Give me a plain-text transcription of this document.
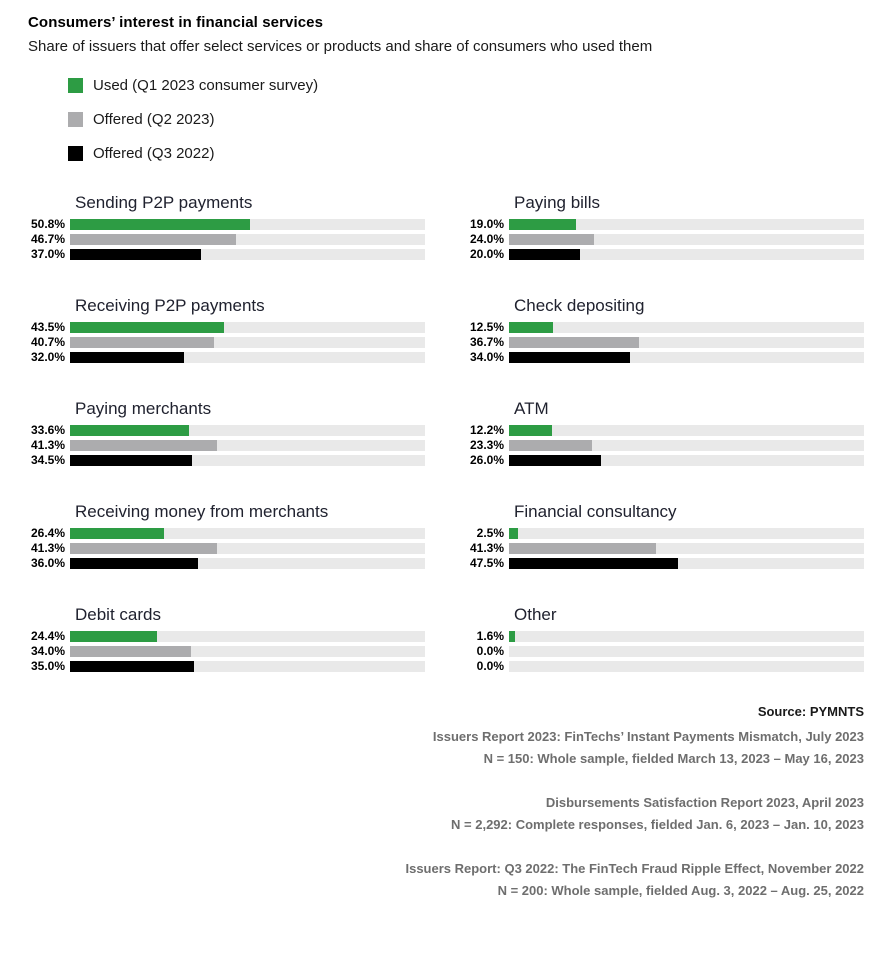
Consumers’ interest in financial services
Share of issuers that offer select services or products and share of consumers who used them
Used (Q1 2023 consumer survey)
Offered (Q2 2023)
Offered (Q3 2022)
Sending P2P payments
50.8%
46.7%
37.0%
Paying bills
19.0%
24.0%
20.0%
Receiving P2P payments
43.5%
40.7%
32.0%
Check depositing
12.5%
36.7%
34.0%
Paying merchants
33.6%
41.3%
34.5%
ATM
12.2%
23.3%
26.0%
Receiving money from merchants
26.4%
41.3%
36.0%
Financial consultancy
2.5%
41.3%
47.5%
Debit cards
24.4%
34.0%
35.0%
Other
1.6%
0.0%
0.0%
Source: PYMNTS
Issuers Report 2023: FinTechs’ Instant Payments Mismatch, July 2023
N = 150: Whole sample, fielded March 13, 2023 – May 16, 2023
Disbursements Satisfaction Report 2023, April 2023
N = 2,292: Complete responses, fielded Jan. 6, 2023 – Jan. 10, 2023
Issuers Report: Q3 2022: The FinTech Fraud Ripple Effect, November 2022
N = 200: Whole sample, fielded Aug. 3, 2022 – Aug. 25, 2022
